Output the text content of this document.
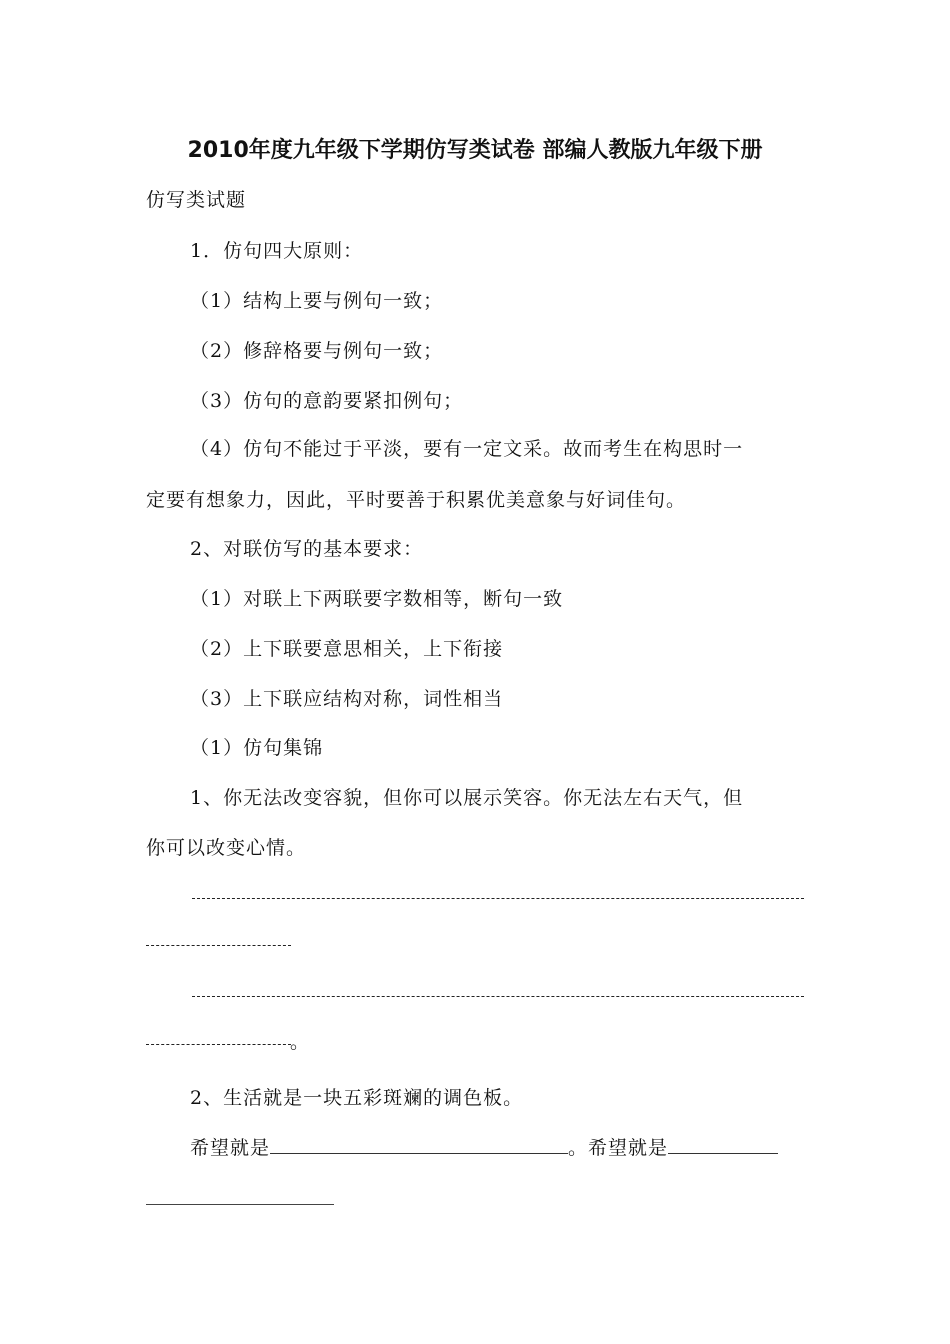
2010年度九年级下学期仿写类试卷 部编人教版九年级下册
仿写类试题
1．仿句四大原则：
（1）结构上要与例句一致；
（2）修辞格要与例句一致；
（3）仿句的意韵要紧扣例句；
（4）仿句不能过于平淡，要有一定文采。故而考生在构思时一
定要有想象力，因此，平时要善于积累优美意象与好词佳句。
2、对联仿写的基本要求：
（1）对联上下两联要字数相等，断句一致
（2）上下联要意思相关，上下衔接
（3）上下联应结构对称，词性相当
（1）仿句集锦
1、你无法改变容貌，但你可以展示笑容。你无法左右天气，但
你可以改变心情。
。
2、生活就是一块五彩斑斓的调色板。
希望就是	。希望就是
